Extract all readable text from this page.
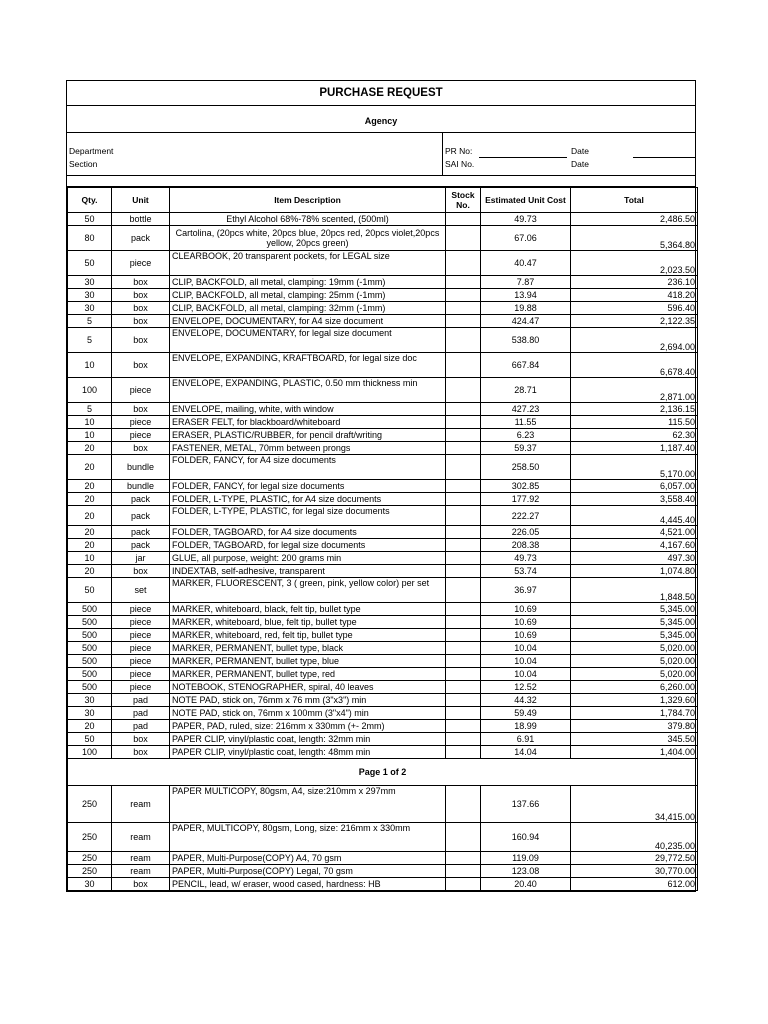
PURCHASE REQUEST
Agency
Department
Section
PR No:
SAI No.
Date
Date
Qty.	Unit	Item Description	Stock No.	Estimated Unit Cost	Total
50	bottle	Ethyl Alcohol 68%-78% scented, (500ml)		49.73	2,486.50
80	pack	Cartolina, (20pcs white, 20pcs blue, 20pcs red, 20pcs violet,20pcs yellow, 20pcs green)		67.06	5,364.80
50	piece	CLEARBOOK, 20 transparent pockets, for LEGAL size		40.47	2,023.50
30	box	CLIP, BACKFOLD, all metal, clamping: 19mm (-1mm)		7.87	236.10
30	box	CLIP, BACKFOLD, all metal, clamping: 25mm (-1mm)		13.94	418.20
30	box	CLIP, BACKFOLD, all metal, clamping: 32mm (-1mm)		19.88	596.40
5	box	ENVELOPE, DOCUMENTARY, for A4 size document		424.47	2,122.35
5	box	ENVELOPE, DOCUMENTARY, for legal size document		538.80	2,694.00
10	box	ENVELOPE, EXPANDING, KRAFTBOARD, for legal size doc		667.84	6,678.40
100	piece	ENVELOPE, EXPANDING, PLASTIC, 0.50 mm thickness min		28.71	2,871.00
5	box	ENVELOPE, mailing, white, with window		427.23	2,136.15
10	piece	ERASER FELT, for blackboard/whiteboard		11.55	115.50
10	piece	ERASER, PLASTIC/RUBBER, for pencil draft/writing		6.23	62.30
20	box	FASTENER, METAL, 70mm between prongs		59.37	1,187.40
20	bundle	FOLDER, FANCY, for A4 size documents		258.50	5,170.00
20	bundle	FOLDER, FANCY, for legal size documents		302.85	6,057.00
20	pack	FOLDER, L-TYPE, PLASTIC, for A4 size documents		177.92	3,558.40
20	pack	FOLDER, L-TYPE, PLASTIC, for legal size documents		222.27	4,445.40
20	pack	FOLDER, TAGBOARD, for A4 size documents		226.05	4,521.00
20	pack	FOLDER, TAGBOARD, for legal size documents		208.38	4,167.60
10	jar	GLUE, all purpose, weight: 200 grams min		49.73	497.30
20	box	INDEXTAB, self-adhesive, transparent		53.74	1,074.80
50	set	MARKER, FLUORESCENT, 3 ( green, pink, yellow color) per set		36.97	1,848.50
500	piece	MARKER, whiteboard, black, felt tip, bullet type		10.69	5,345.00
500	piece	MARKER, whiteboard, blue, felt tip, bullet type		10.69	5,345.00
500	piece	MARKER, whiteboard, red, felt tip, bullet type		10.69	5,345.00
500	piece	MARKER, PERMANENT, bullet type, black		10.04	5,020.00
500	piece	MARKER, PERMANENT, bullet type, blue		10.04	5,020.00
500	piece	MARKER, PERMANENT, bullet type, red		10.04	5,020.00
500	piece	NOTEBOOK, STENOGRAPHER, spiral, 40 leaves		12.52	6,260.00
30	pad	NOTE PAD, stick on, 76mm x 76 mm (3"x3") min		44.32	1,329.60
30	pad	NOTE PAD, stick on, 76mm x 100mm (3"x4") min		59.49	1,784.70
20	pad	PAPER, PAD, ruled, size: 216mm x 330mm (+- 2mm)		18.99	379.80
50	box	PAPER CLIP, vinyl/plastic coat, length: 32mm min		6.91	345.50
100	box	PAPER CLIP, vinyl/plastic coat, length: 48mm min		14.04	1,404.00
Page 1 of 2					
250	ream	PAPER MULTICOPY, 80gsm, A4, size:210mm x 297mm		137.66	34,415.00
250	ream	PAPER, MULTICOPY, 80gsm, Long, size: 216mm x 330mm		160.94	40,235.00
250	ream	PAPER, Multi-Purpose(COPY) A4, 70 gsm		119.09	29,772.50
250	ream	PAPER, Multi-Purpose(COPY) Legal, 70 gsm		123.08	30,770.00
30	box	PENCIL, lead, w/ eraser, wood cased, hardness: HB		20.40	612.00
